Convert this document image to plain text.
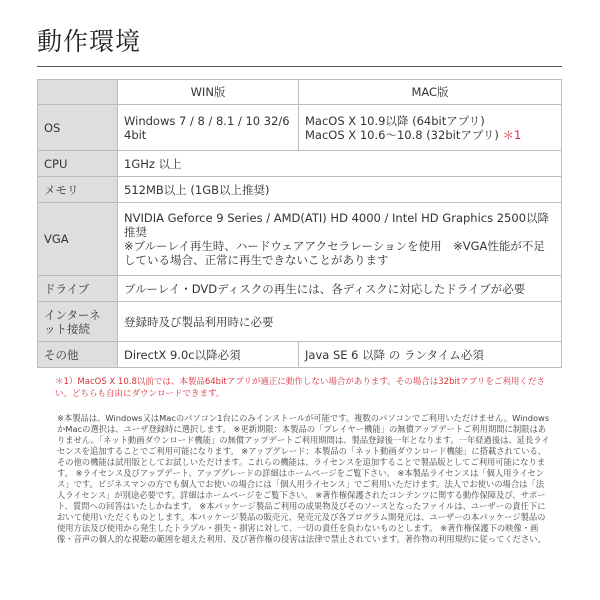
動作環境
	WIN版	MAC版
OS	Windows 7 / 8 / 8.1 / 10 32/64bit	MacOS X 10.9以降 (64bitアプリ)
MacOS X 10.6～10.8 (32bitアプリ) ＊1

CPU	1GHz 以上	
メモリ	512MB以上 (1GB以上推奨)	
VGA	NVIDIA Geforce 9 Series / AMD(ATI) HD 4000 / Intel HD Graphics 2500以降推奨
※ブルーレイ再生時、ハードウェアアクセラレーションを使用　※VGA性能が不足している場合、正常に再生できないことがあります	

ドライブ	ブルーレイ・DVDディスクの再生には、各ディスクに対応したドライブが必要	
インターネット接続	登録時及び製品利用時に必要	
その他	DirectX 9.0c以降必須	Java SE 6 以降 の ランタイム必須
＊1）MacOS X 10.8以前では、本製品64bitアプリが適正に動作しない場合があります。その場合は32bitアプリをご利用ください。どちらも自由にダウンロードできます。
※本製品は、Windows又はMacのパソコン1台にのみインストールが可能です。複数のパソコンでご利用いただけません。WindowsかMacの選択は、ユーザ登録時に選択します。 ※更新期限：本製品の「プレイヤー機能」の無償アップデートご利用期間に制限はありません。「ネット動画ダウンロード機能」の無償アップデートご利用期間は、製品登録後一年となります。一年経過後は、延長ライセンスを追加することでご利用可能になります。 ※アップグレード：本製品の「ネット動画ダウンロード機能」に搭載されている、その他の機能は試用版としてお試しいただけます。これらの機能は、ライセンスを追加することで製品版としてご利用可能になります。 ※ライセンス及びアップデート、アップグレードの詳細はホームページをご覧下さい。 ※本製品ライセンスは「個人用ライセンス」です。ビジネスマンの方でも個人でお使いの場合には「個人用ライセンス」でご利用いただけます。法人でお使いの場合は「法人ライセンス」が別途必要です。詳細はホームページをご覧下さい。 ※著作権保護されたコンテンツに関する動作保障及び、サポート、質問への回答はいたしかねます。 ※本パッケージ製品ご利用の成果物及びそのソースとなったファイルは、ユーザーの責任下において使用いただくものとします。本パッケージ製品の販売元、発売元及び各プログラム開発元は、ユーザーの本パッケージ製品の使用方法及び使用から発生したトラブル・損失・損害に対して、一切の責任を負わないものとします。 ※著作権保護下の映像・画像・音声の個人的な視聴の範囲を超えた利用、及び著作権の侵害は法律で禁止されています。著作物の利用規約に従ってください。
